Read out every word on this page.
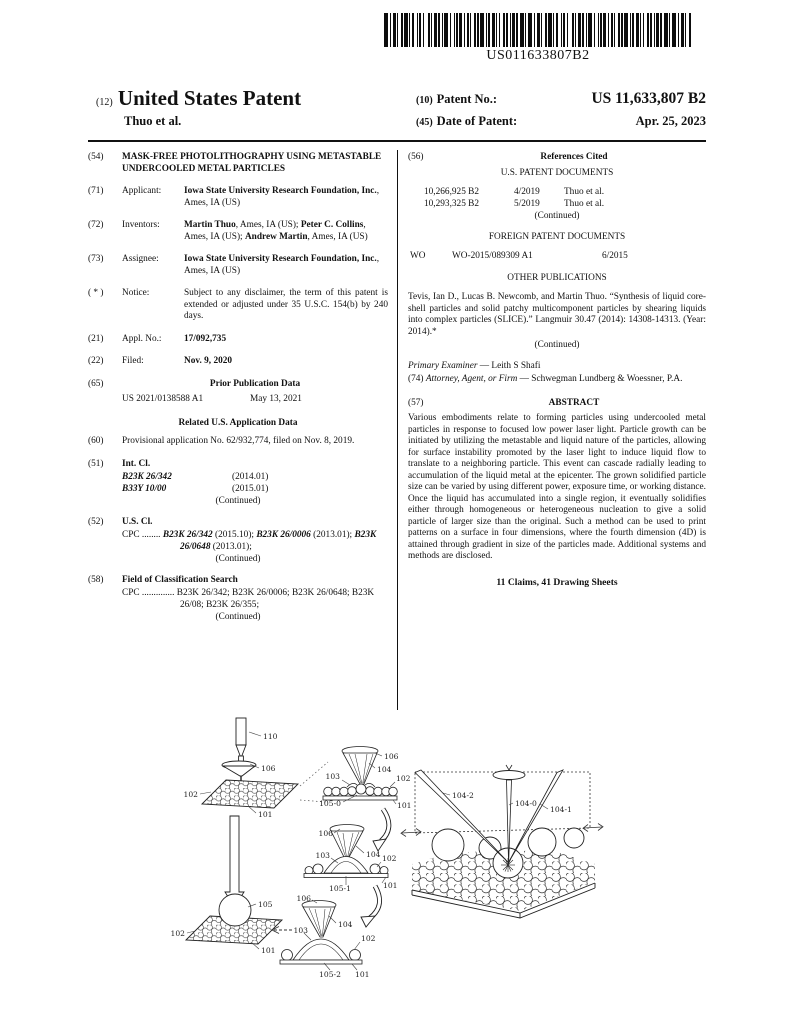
US011633807B2
(12) United States Patent
Thuo et al.
(10) Patent No.:	US 11,633,807 B2
(45) Date of Patent:	Apr. 25, 2023
(54)	MASK-FREE PHOTOLITHOGRAPHY USING METASTABLE UNDERCOOLED METAL PARTICLES
(71)	Applicant:	Iowa State University Research Foundation, Inc., Ames, IA (US)
(72)	Inventors:	Martin Thuo, Ames, IA (US); Peter C. Collins, Ames, IA (US); Andrew Martin, Ames, IA (US)
(73)	Assignee:	Iowa State University Research Foundation, Inc., Ames, IA (US)
( * )	Notice:	Subject to any disclaimer, the term of this patent is extended or adjusted under 35 U.S.C. 154(b) by 240 days.
(21)	Appl. No.:	17/092,735
(22)	Filed:	Nov. 9, 2020
(65)	Prior Publication Data
US 2021/0138588 A1	May 13, 2021
Related U.S. Application Data
(60)	Provisional application No. 62/932,774, filed on Nov. 8, 2019.
(51)	Int. Cl.
B23K 26/342	(2014.01)
B33Y 10/00	(2015.01)
(Continued)
(52)	U.S. Cl.
CPC ........ B23K 26/342 (2015.10); B23K 26/0006 (2013.01); B23K 26/0648 (2013.01);
(Continued)
(58)	Field of Classification Search
CPC .............. B23K 26/342; B23K 26/0006; B23K 26/0648; B23K 26/08; B23K 26/355;
(Continued)
(56)	References Cited
U.S. PATENT DOCUMENTS
10,266,925 B2	4/2019	Thuo et al.
10,293,325 B2	5/2019	Thuo et al.
(Continued)
FOREIGN PATENT DOCUMENTS
WO	WO-2015/089309 A1	6/2015
OTHER PUBLICATIONS
Tevis, Ian D., Lucas B. Newcomb, and Martin Thuo. “Synthesis of liquid core-shell particles and solid patchy multicomponent particles by shearing liquids into complex particles (SLICE).” Langmuir 30.47 (2014): 14308-14313. (Year: 2014).*
(Continued)
Primary Examiner — Leith S Shafi
(74) Attorney, Agent, or Firm — Schwegman Lundberg & Woessner, P.A.
(57)	ABSTRACT
Various embodiments relate to forming particles using undercooled metal particles in response to focused low power laser light. Particle growth can be initiated by utilizing the metastable and liquid nature of the particles, allowing for surface instability promoted by the laser light to induce liquid flow to translate to a neighboring particle. This event can cascade radially leading to accumulation of the liquid metal at the epicenter. The grown solidified particle size can be varied by using different power, exposure time, or working distance. Once the liquid has accumulated into a single region, it eventually solidifies either through homogeneous or heterogeneous nucleation to give a solid particle of larger size than the original. Such a method can be used to print patterns on a surface in four dimensions, where the fourth dimension (4D) is attained through gradient in size of the particles made. Additional systems and methods are disclosed.
11 Claims, 41 Drawing Sheets
110
106
102
101
105
102
101
106
104
103	102
105-0	101
106
103	104 102
105-1	101
106
104
103
102
105-2 101
104-2
104-0
104-1
